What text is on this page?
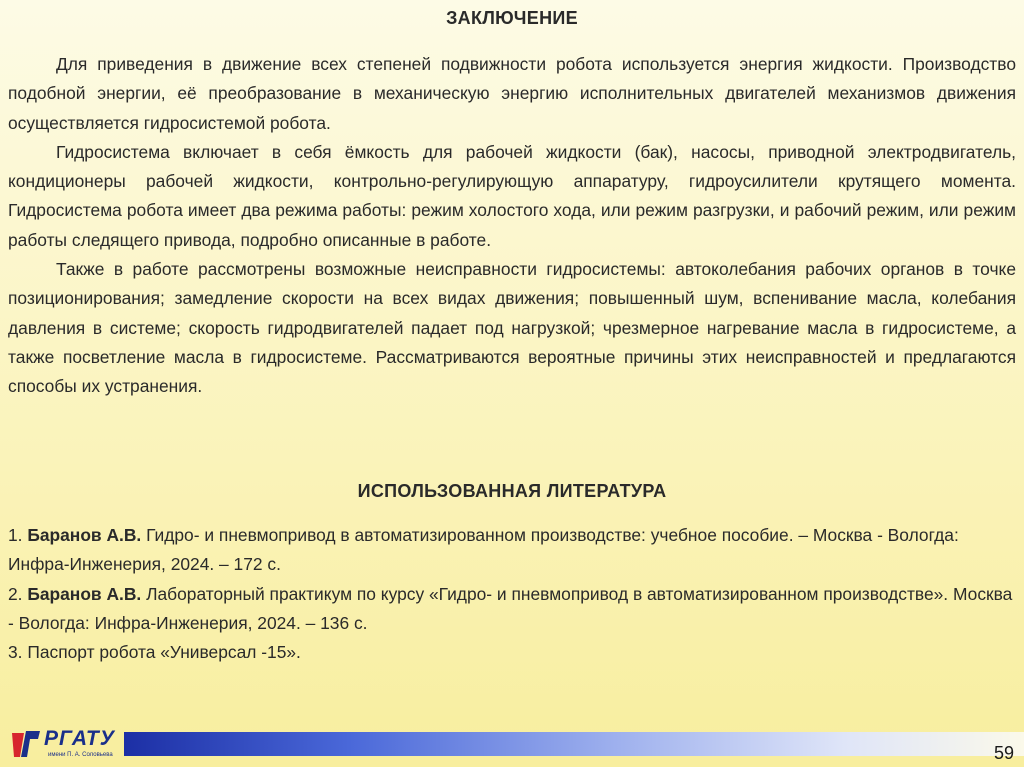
ЗАКЛЮЧЕНИЕ

Для приведения в движение всех степеней подвижности робота используется энергия жидкости. Производство подобной энергии, её преобразование в механическую энергию исполнительных двигателей механизмов движения осуществляется гидросистемой робота.

Гидросистема включает в себя ёмкость для рабочей жидкости (бак), насосы, приводной электродвигатель, кондиционеры рабочей жидкости, контрольно-регулирующую аппаратуру, гидроусилители крутящего момента. Гидросистема робота имеет два режима работы: режим холостого хода, или режим разгрузки, и рабочий режим, или режим работы следящего привода, подробно описанные в работе.

Также в работе рассмотрены возможные неисправности гидросистемы: автоколебания рабочих органов в точке позиционирования; замедление скорости на всех видах движения; повышенный шум, вспенивание масла, колебания давления в системе; скорость гидродвигателей падает под нагрузкой; чрезмерное нагревание масла в гидросистеме, а также посветление масла в гидросистеме. Рассматриваются вероятные причины этих неисправностей и предлагаются способы их устранения.

ИСПОЛЬЗОВАННАЯ ЛИТЕРАТУРА

1. Баранов А.В. Гидро- и пневмопривод в автоматизированном производстве: учебное пособие. – Москва - Вологда: Инфра-Инженерия, 2024. – 172 с.

2. Баранов А.В. Лабораторный практикум по курсу «Гидро- и пневмопривод в автоматизированном производстве». Москва - Вологда: Инфра-Инженерия, 2024. – 136 с.

3. Паспорт робота «Универсал -15».

РГАТУ
имени П. А. Соловьева	59
